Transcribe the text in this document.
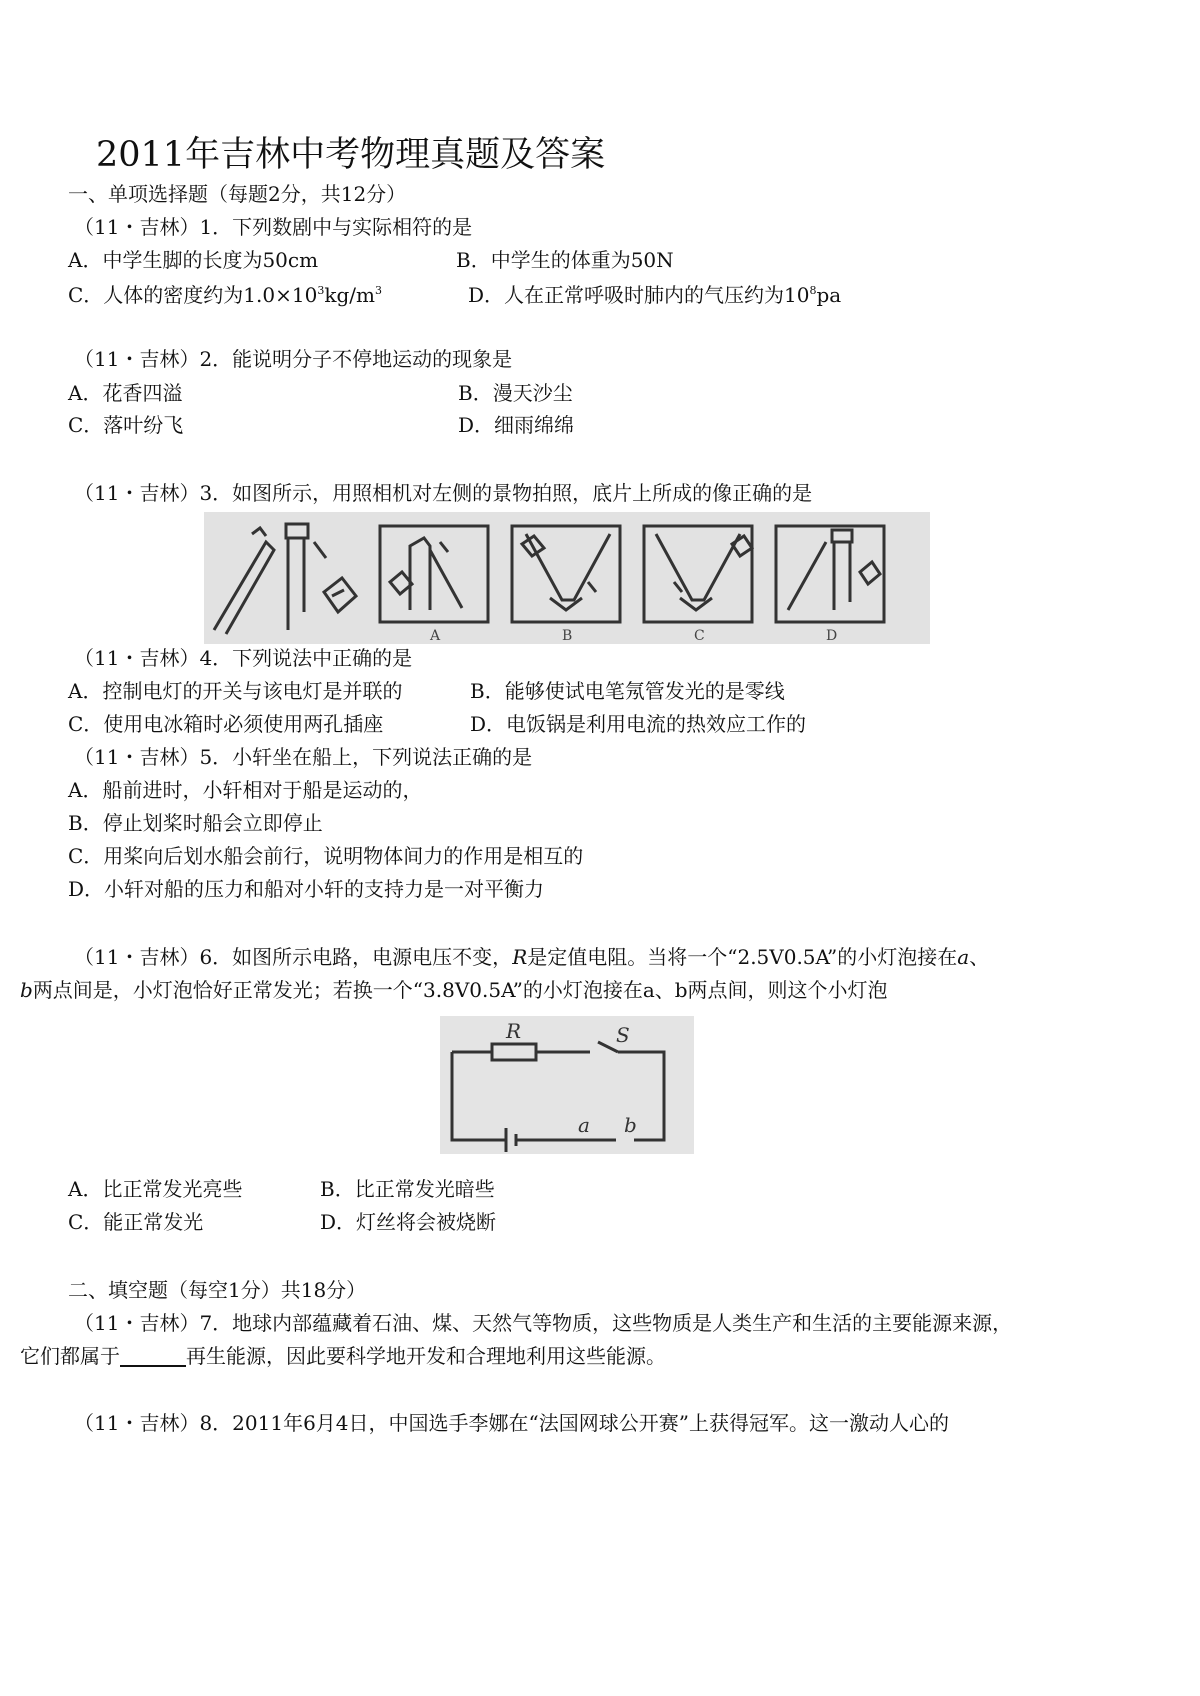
2011年吉林中考物理真题及答案
一、单项选择题（每题2分，共12分）
（11・吉林）1．下列数剧中与实际相符的是
A．中学生脚的长度为50cm	B．中学生的体重为50N
C．人体的密度约为$1.0\times 10^3kg/m^3$	D．人在正常呼吸时肺内的气压约为$10^8pa$
（11・吉林）2．能说明分子不停地运动的现象是
A．花香四溢	B．漫天沙尘
C．落叶纷飞	D．细雨绵绵
（11・吉林）3．如图所示，用照相机对左侧的景物拍照，底片上所成的像正确的是
A	B	C	D
（11・吉林）4．下列说法中正确的是
A．控制电灯的开关与该电灯是并联的	B．能够使试电笔氖管发光的是零线
C．使用电冰箱时必须使用两孔插座	D．电饭锅是利用电流的热效应工作的
（11・吉林）5．小轩坐在船上，下列说法正确的是
A．船前进时，小轩相对于船是运动的，
B．停止划桨时船会立即停止
C．用桨向后划水船会前行，说明物体间力的作用是相互的
D．小轩对船的压力和船对小轩的支持力是一对平衡力
（11・吉林）6．如图所示电路，电源电压不变，R是定值电阻。当将一个“2.5V0.5A”的小灯泡接在a、
b两点间是，小灯泡恰好正常发光；若换一个“3.8V0.5A”的小灯泡接在a、b两点间，则这个小灯泡
R	S
a b
A．比正常发光亮些	B．比正常发光暗些
C．能正常发光	D．灯丝将会被烧断
二、填空题（每空1分）共18分）
（11・吉林）7．地球内部蕴藏着石油、煤、天然气等物质，这些物质是人类生产和生活的主要能源来源，
它们都属于	再生能源，因此要科学地开发和合理地利用这些能源。
（11・吉林）8．2011年6月4日，中国选手李娜在“法国网球公开赛”上获得冠军。这一激动人心的
